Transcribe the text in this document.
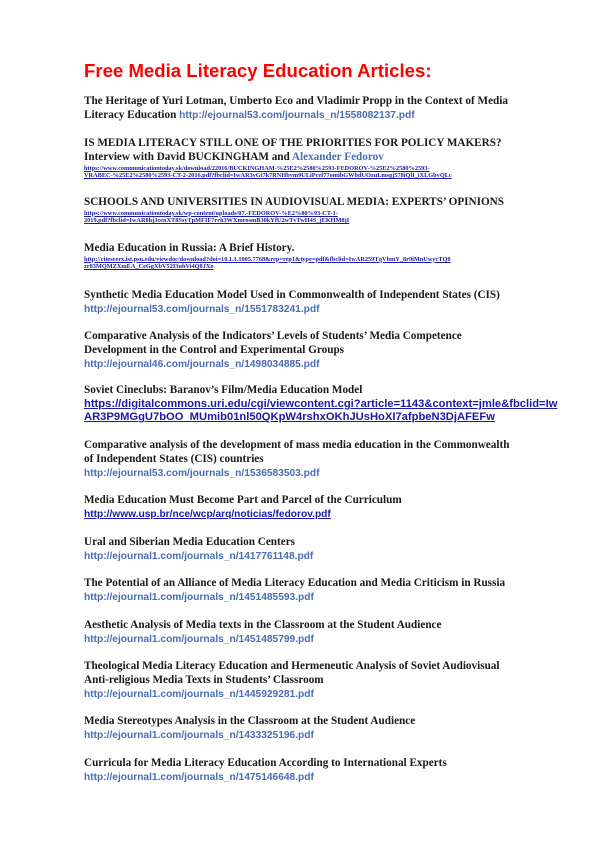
Free Media Literacy Education Articles:
The Heritage of Yuri Lotman, Umberto Eco and Vladimir Propp in the Context of Media
Literacy Education http://ejournal53.com/journals_n/1558082137.pdf
IS MEDIA LITERACY STILL ONE OF THE PRIORITIES FOR POLICY MAKERS?
Interview with David BUCKINGHAM and Alexander Fedorov
https://www.communicationtoday.sk/download/22016/BUCKINGHAM-%25E2%2580%2593-FEDOROV-%25E2%2580%2593-
VRABEC-%25E2%2580%2593-CT-2-2016.pdf?fbclid=IwAR3yGi7k7RNHbvm9ULiPcef77omibGWbdUOzuLmsgj578iQlI_iXLGbvQLc
SCHOOLS AND UNIVERSITIES IN AUDIOVISUAL MEDIA: EXPERTS’ OPINIONS
https://www.communicationtoday.sk/wp-content/uploads/07.-FEDOROV-%E2%80%93-CT-1-
2019.pdf?fbclid=IwAR0hjJcenXT8SsyTpMFIF7rrh3WXmrosmB30kYfU2wTvTwH4S_jEKHM8jI
Media Education in Russia: A Brief History.
http://citeseerx.ist.psu.edu/viewdoc/download?doi=10.1.1.1005.7768&rep=rep1&type=pdf&fbclid=IwAR259TqVbmY_8r9iMnUwycTQ0
zr83MQMZXmEA_CeGgXbV52I3uhVi4Q8JXo
Synthetic Media Education Model Used in Commonwealth of Independent States (CIS)
http://ejournal53.com/journals_n/1551783241.pdf
Comparative Analysis of the Indicators’ Levels of Students’ Media Competence
Development in the Control and Experimental Groups
http://ejournal46.com/journals_n/1498034885.pdf
Soviet Cineclubs: Baranov’s Film/Media Education Model
https://digitalcommons.uri.edu/cgi/viewcontent.cgi?article=1143&context=jmle&fbclid=Iw
AR3P9MGgU7bOO_MUmib01nl50QKpW4rshxOKhJUsHoXI7afpbeN3DjAFEFw
Comparative analysis of the development of mass media education in the Commonwealth
of Independent States (CIS) countries
http://ejournal53.com/journals_n/1536583503.pdf
Media Education Must Become Part and Parcel of the Curriculum
http://www.usp.br/nce/wcp/arq/noticias/fedorov.pdf
Ural and Siberian Media Education Centers
http://ejournal1.com/journals_n/1417761148.pdf
The Potential of an Alliance of Media Literacy Education and Media Criticism in Russia
http://ejournal1.com/journals_n/1451485593.pdf
Aesthetic Analysis of Media texts in the Classroom at the Student Audience
http://ejournal1.com/journals_n/1451485799.pdf
Theological Media Literacy Education and Hermeneutic Analysis of Soviet Audiovisual
Anti-religious Media Texts in Students’ Classroom
http://ejournal1.com/journals_n/1445929281.pdf
Media Stereotypes Analysis in the Classroom at the Student Audience
http://ejournal1.com/journals_n/1433325196.pdf
Curricula for Media Literacy Education According to International Experts
http://ejournal1.com/journals_n/1475146648.pdf
